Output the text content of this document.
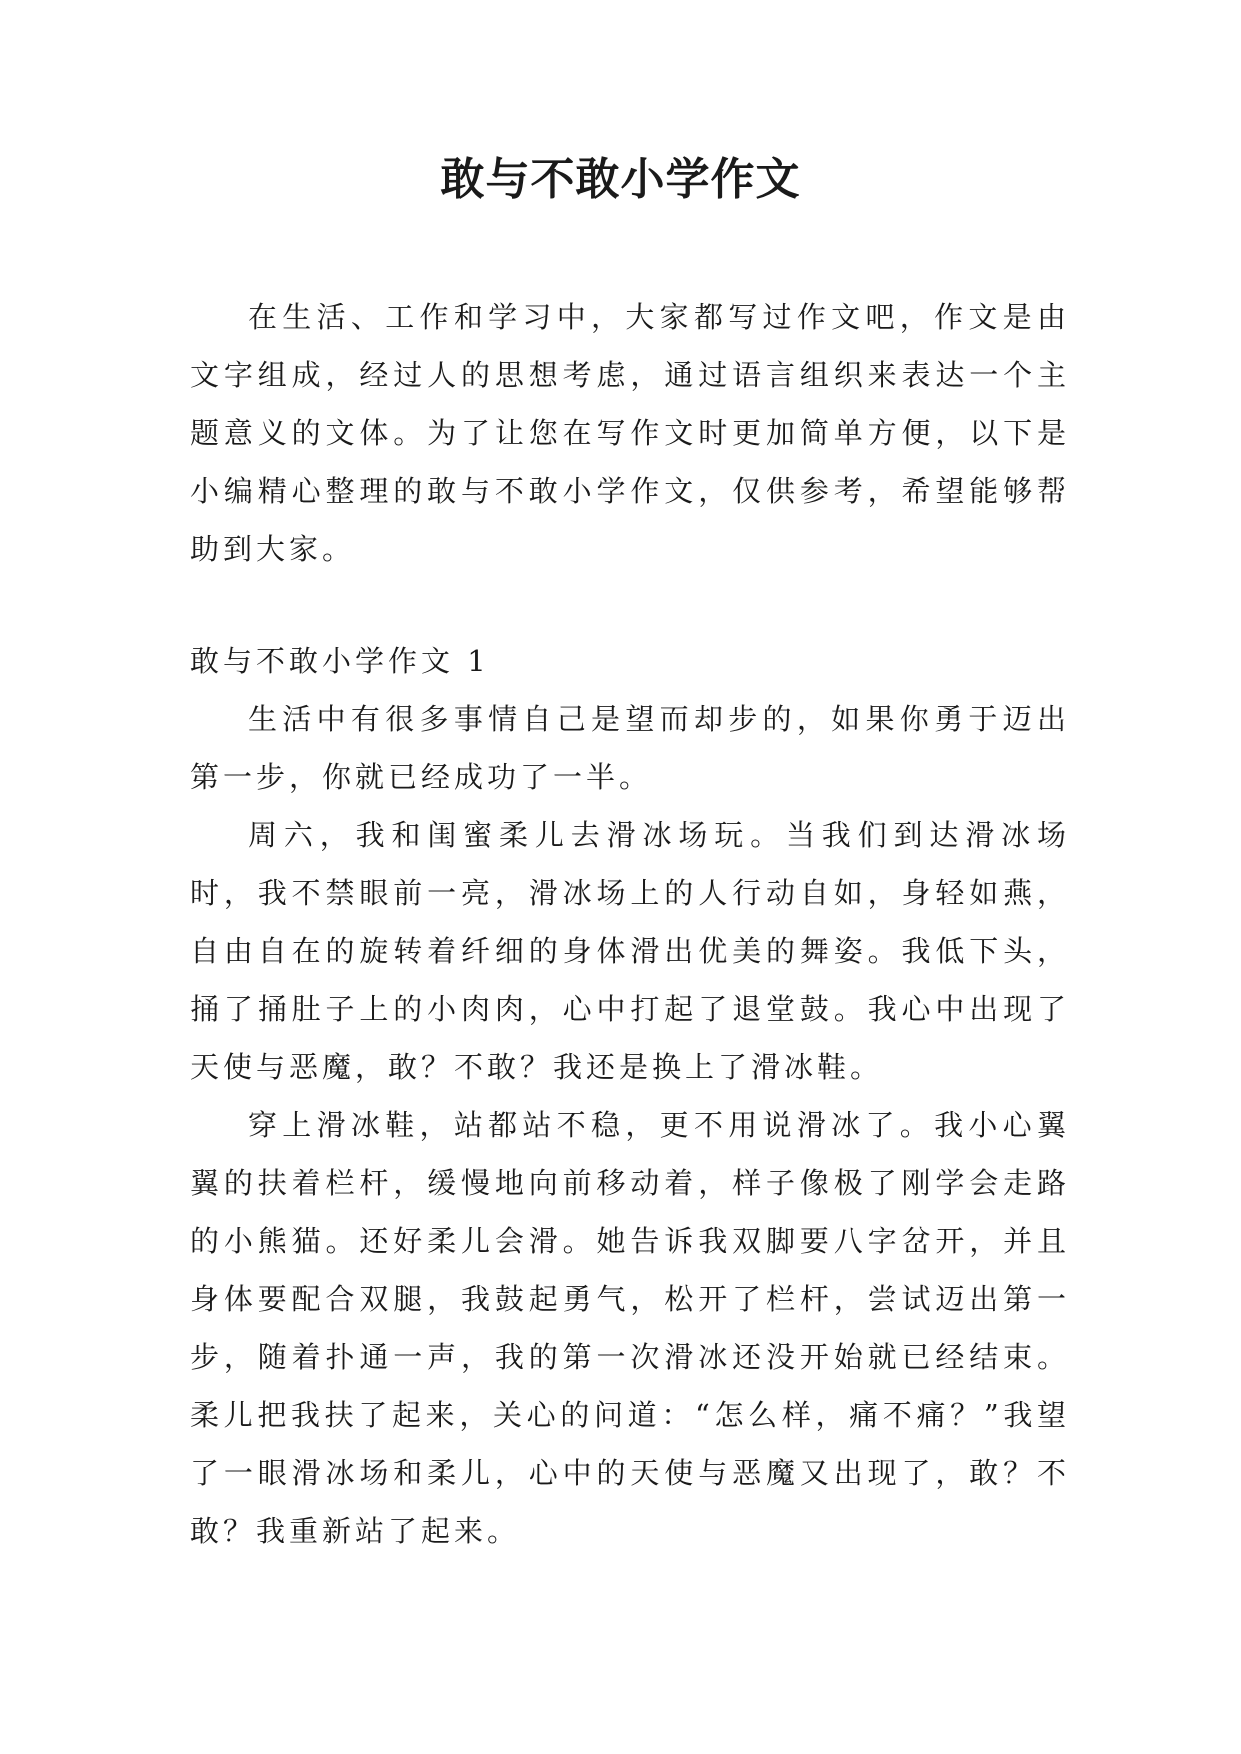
敢与不敢小学作文

在生活、工作和学习中，大家都写过作文吧，作文是由文字组成，经过人的思想考虑，通过语言组织来表达一个主题意义的文体。为了让您在写作文时更加简单方便，以下是小编精心整理的敢与不敢小学作文，仅供参考，希望能够帮助到大家。

敢与不敢小学作文 1

生活中有很多事情自己是望而却步的，如果你勇于迈出第一步，你就已经成功了一半。

周六，我和闺蜜柔儿去滑冰场玩。当我们到达滑冰场时，我不禁眼前一亮，滑冰场上的人行动自如，身轻如燕，自由自在的旋转着纤细的身体滑出优美的舞姿。我低下头，捅了捅肚子上的小肉肉，心中打起了退堂鼓。我心中出现了天使与恶魔，敢？不敢？我还是换上了滑冰鞋。

穿上滑冰鞋，站都站不稳，更不用说滑冰了。我小心翼翼的扶着栏杆，缓慢地向前移动着，样子像极了刚学会走路的小熊猫。还好柔儿会滑。她告诉我双脚要八字岔开，并且身体要配合双腿，我鼓起勇气，松开了栏杆，尝试迈出第一步，随着扑通一声，我的第一次滑冰还没开始就已经结束。柔儿把我扶了起来，关心的问道：“怎么样，痛不痛？”我望了一眼滑冰场和柔儿，心中的天使与恶魔又出现了，敢？不敢？我重新站了起来。
